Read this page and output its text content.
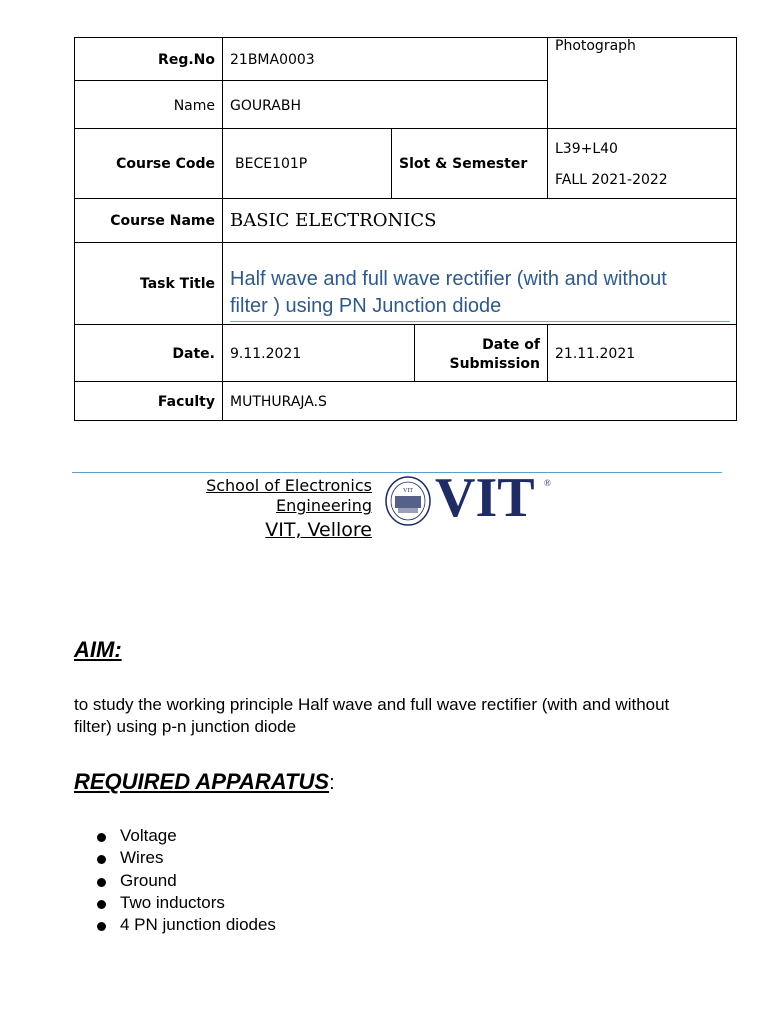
Reg.No 21BMA0003
Photograph
Name GOURABH
Course Code BECE101P	Slot & Semester
L39+L40
FALL 2021-2022
Course Name BASIC ELECTRONICS
Task Title Half wave and full wave rectifier (with and without
filter ) using PN Junction diode
Date. 9.11.2021
Date of
Submission
21.11.2021
Faculty MUTHURAJA.S
School of Electronics
Engineering
VIT, Vellore
VIT VIT ®
AIM:
to study the working principle Half wave and full wave rectifier (with and without
filter) using p-n junction diode
REQUIRED APPARATUS:
Voltage
Wires
Ground
Two inductors
4 PN junction diodes
